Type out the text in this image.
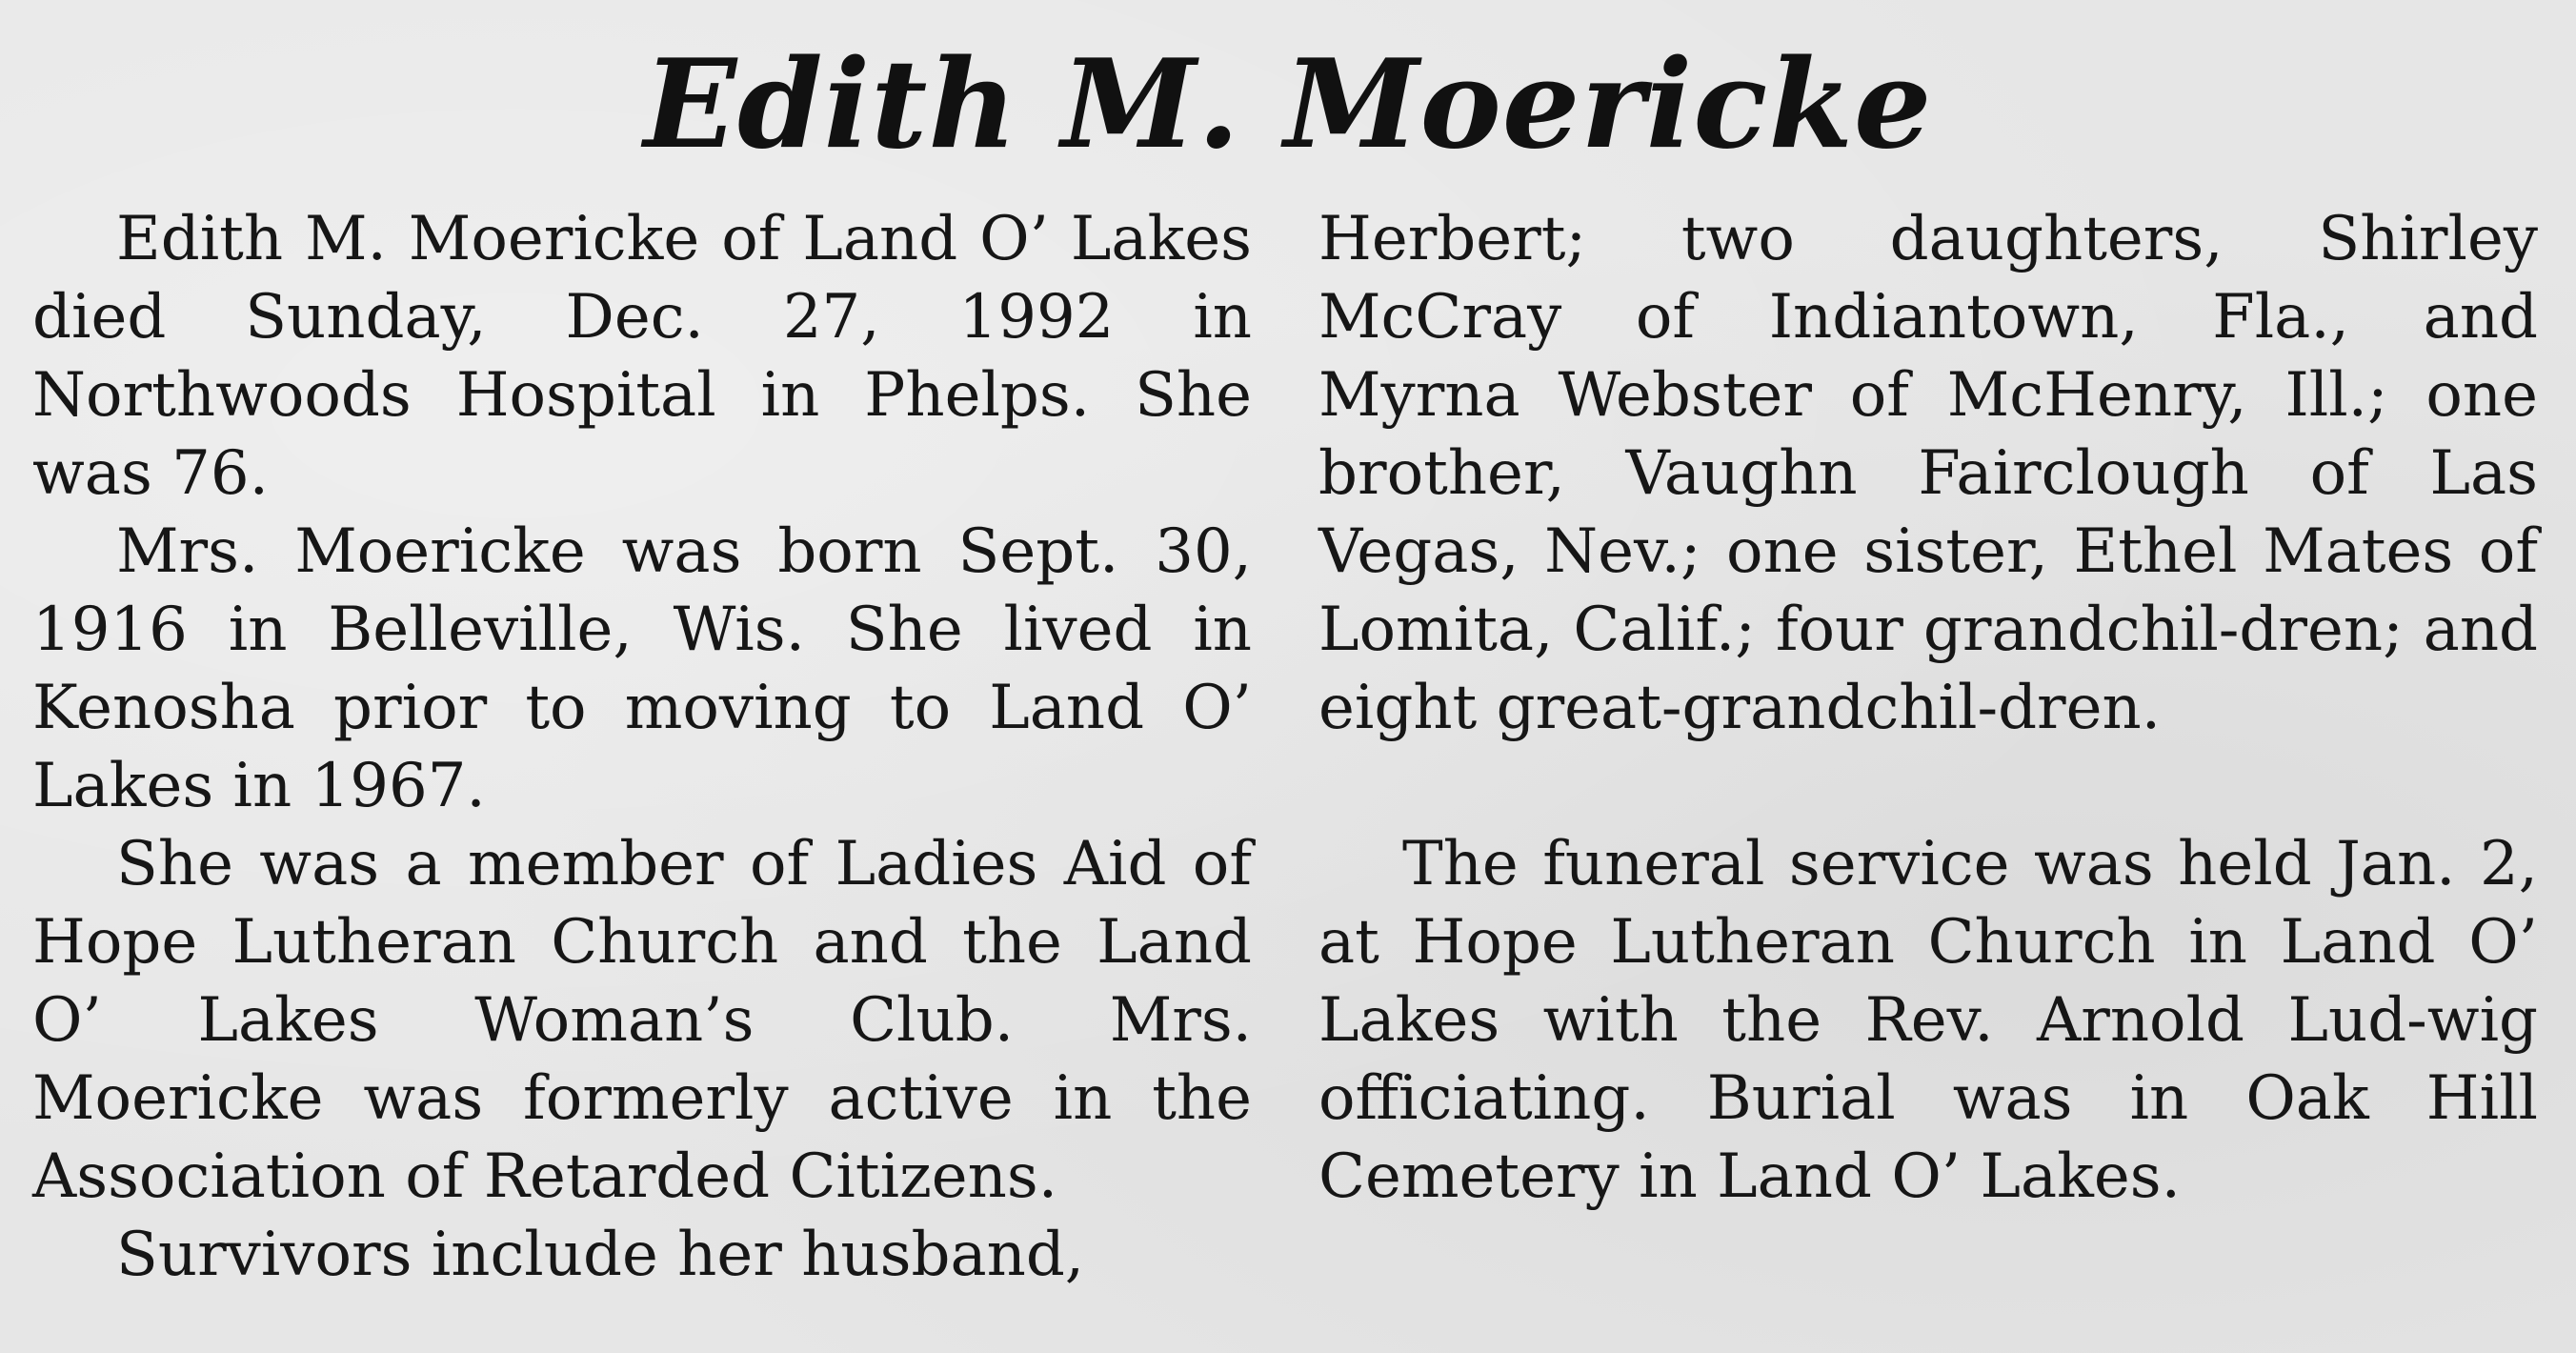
Edith M. Moericke

Edith M. Moericke of Land O’ Lakes died Sunday, Dec. 27, 1992 in Northwoods Hospital in Phelps. She was 76.

Mrs. Moericke was born Sept. 30, 1916 in Belleville, Wis. She lived in Kenosha prior to moving to Land O’ Lakes in 1967.

She was a member of Ladies Aid of Hope Lutheran Church and the Land O’ Lakes Woman’s Club. Mrs. Moericke was formerly active in the Association of Retarded Citizens.

Survivors include her husband,

Herbert; two daughters, Shirley McCray of Indiantown, Fla., and Myrna Webster of McHenry, Ill.; one brother, Vaughn Fairclough of Las Vegas, Nev.; one sister, Ethel Mates of Lomita, Calif.; four grandchil-dren; and eight great-grandchil-dren.

The funeral service was held Jan. 2, at Hope Lutheran Church in Land O’ Lakes with the Rev. Arnold Lud-wig officiating. Burial was in Oak Hill Cemetery in Land O’ Lakes.
